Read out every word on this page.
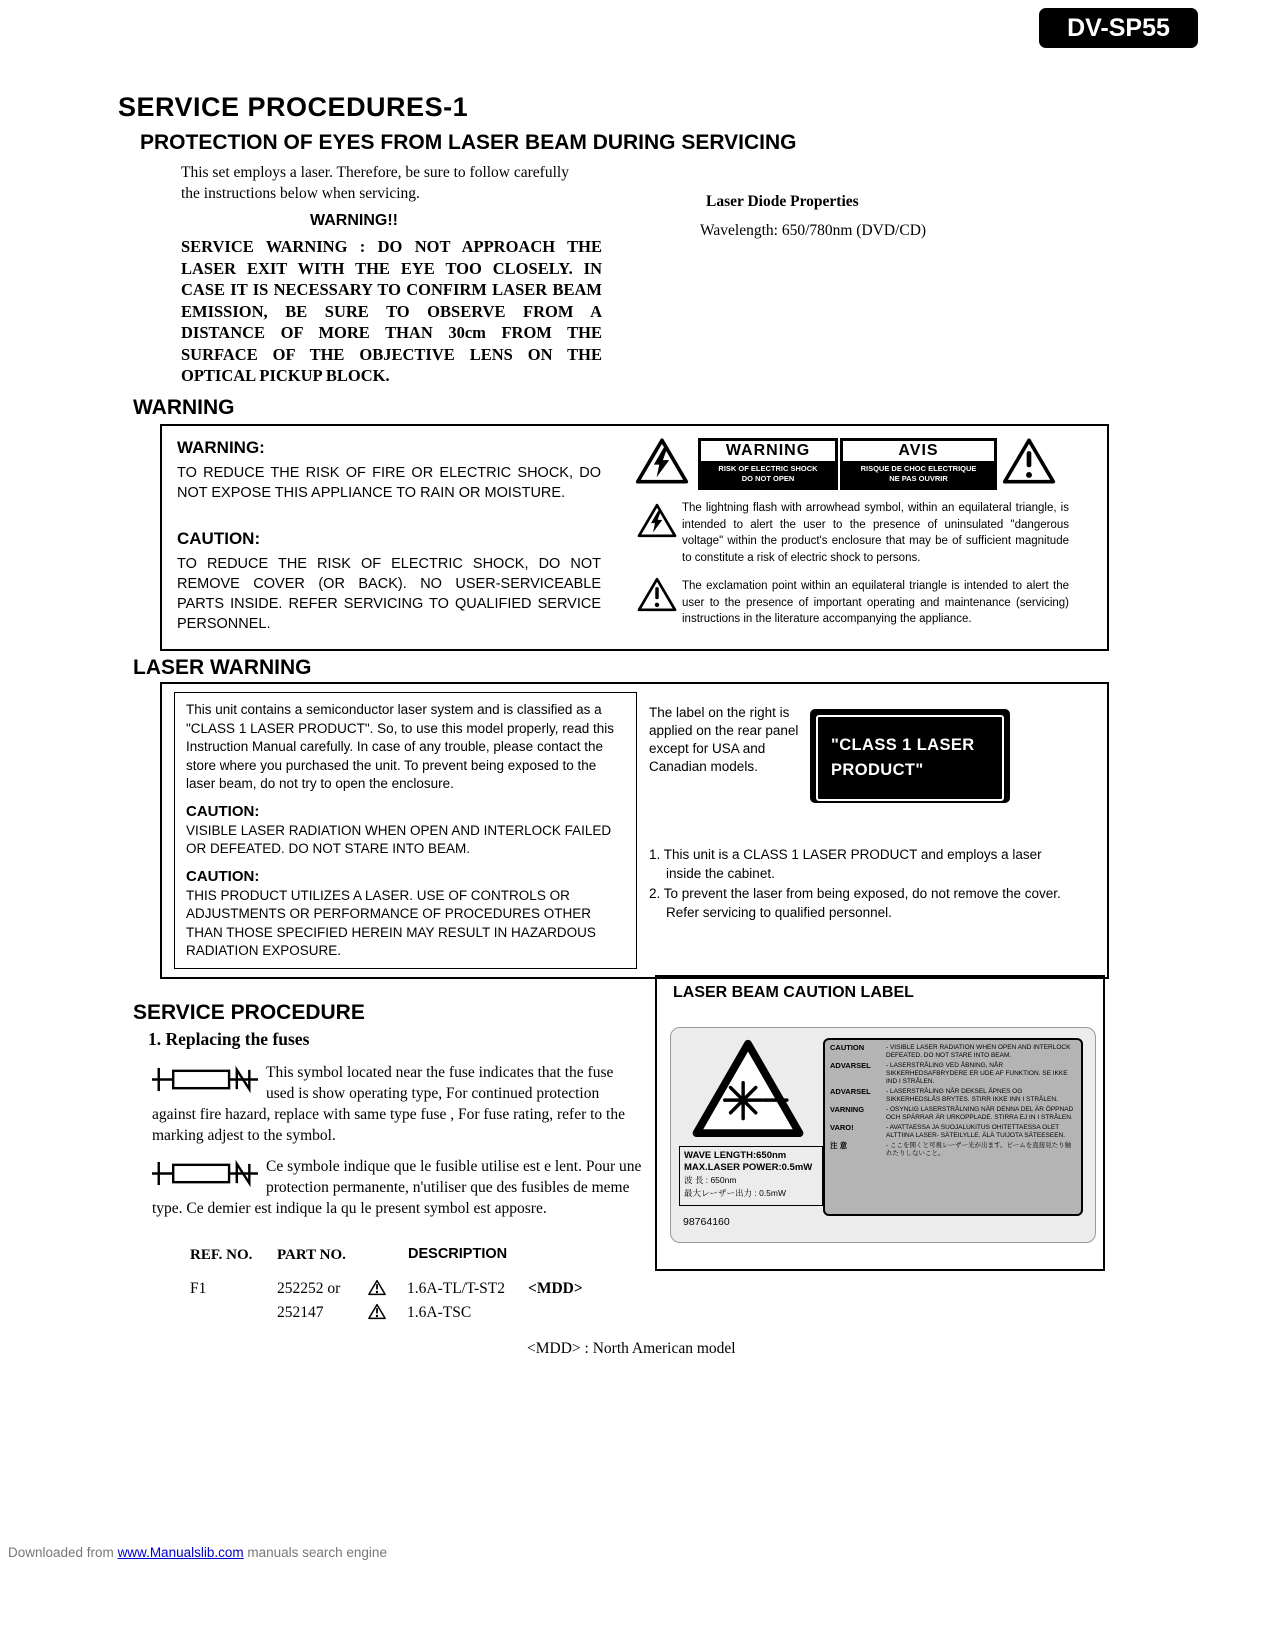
DV-SP55
SERVICE PROCEDURES-1
PROTECTION OF EYES FROM LASER BEAM DURING SERVICING
This set employs a laser. Therefore, be sure to follow carefully the instructions below when servicing.	Laser Diode Properties
Wavelength: 650/780nm (DVD/CD)
WARNING!!
SERVICE WARNING : DO NOT APPROACH THE LASER EXIT WITH THE EYE TOO CLOSELY. IN CASE IT IS NECESSARY TO CONFIRM LASER BEAM EMISSION, BE SURE TO OBSERVE FROM A DISTANCE OF MORE THAN 30cm FROM THE SURFACE OF THE OBJECTIVE LENS ON THE OPTICAL PICKUP BLOCK.
WARNING
WARNING:
TO REDUCE THE RISK OF FIRE OR ELECTRIC SHOCK, DO NOT EXPOSE THIS APPLIANCE TO RAIN OR MOISTURE.
CAUTION:
TO REDUCE THE RISK OF ELECTRIC SHOCK, DO NOT REMOVE COVER (OR BACK). NO USER-SERVICEABLE PARTS INSIDE. REFER SERVICING TO QUALIFIED SERVICE PERSONNEL.
WARNING
RISK OF ELECTRIC SHOCK
DO NOT OPEN
AVIS
RISQUE DE CHOC ELECTRIQUE
NE PAS OUVRIR
The lightning flash with arrowhead symbol, within an equilateral triangle, is intended to alert the user to the presence of uninsulated "dangerous voltage" within the product's enclosure that may be of sufficient magnitude to constitute a risk of electric shock to persons.
The exclamation point within an equilateral triangle is intended to alert the user to the presence of important operating and maintenance (servicing) instructions in the literature accompanying the appliance.
LASER WARNING
This unit contains a semiconductor laser system and is classified as a "CLASS 1 LASER PRODUCT". So, to use this model properly, read this Instruction Manual carefully. In case of any trouble, please contact the store where you purchased the unit. To prevent being exposed to the laser beam, do not try to open the enclosure.
CAUTION:
VISIBLE LASER RADIATION WHEN OPEN AND INTERLOCK FAILED OR DEFEATED. DO NOT STARE INTO BEAM.
CAUTION:
THIS PRODUCT UTILIZES A LASER. USE OF CONTROLS OR ADJUSTMENTS OR PERFORMANCE OF PROCEDURES OTHER THAN THOSE SPECIFIED HEREIN MAY RESULT IN HAZARDOUS RADIATION EXPOSURE.
The label on the right is applied on the rear panel except for USA and Canadian models.
"CLASS 1 LASER
PRODUCT"
1. This unit is a CLASS 1 LASER PRODUCT and employs a laser inside the cabinet.
2. To prevent the laser from being exposed, do not remove the cover. Refer servicing to qualified personnel.
SERVICE PROCEDURE
1. Replacing the fuses
This symbol located near the fuse indicates that the fuse used is show operating type, For continued protection against fire hazard, replace with same type fuse , For fuse rating, refer to the marking adjest to the symbol.
Ce symbole indique que le fusible utilise est e lent. Pour une protection permanente, n'utiliser que des fusibles de meme type. Ce demier est indique la qu le present symbol est apposre.
REF. NO. PART NO.	DESCRIPTION
F1	252252 or	1.6A-TL/T-ST2 <MDD>
252147	1.6A-TSC
<MDD> : North American model
LASER BEAM CAUTION LABEL
WAVE LENGTH:650nm
MAX.LASER POWER:0.5mW
波 長 : 650nm
最大レーザー出力 : 0.5mW
98764160
CAUTION	- VISIBLE LASER RADIATION WHEN OPEN AND INTERLOCK DEFEATED. DO NOT STARE INTO BEAM.
ADVARSEL	- LASERSTRÅLING VED ÅBNING, NÅR SIKKERHEDSAFBRYDERE ER UDE AF FUNKTION. SE IKKE IND I STRÅLEN.
ADVARSEL	- LASERSTRÅLING NÅR DEKSEL ÅPNES OG SIKKERHEDSLÅS BRYTES. STIRR IKKE INN I STRÅLEN.
VARNING	- OSYNLIG LASERSTRÅLNING NÄR DENNA DEL ÄR ÖPPNAD OCH SPÄRRAR ÄR URKOPPLADE. STIRRA EJ IN I STRÅLEN.
VARO!	- AVATTAESSA JA SUOJALUKITUS OHITETTAESSA OLET ALTTIINA LASER- SÄTEILYLLE. ÄLÄ TUIJOTA SÄTEESEEN.
注 意	- ここを開くと可視レーザー光が出ます。ビームを直接見たり触れたりしないこと。
Downloaded from www.Manualslib.com manuals search engine
